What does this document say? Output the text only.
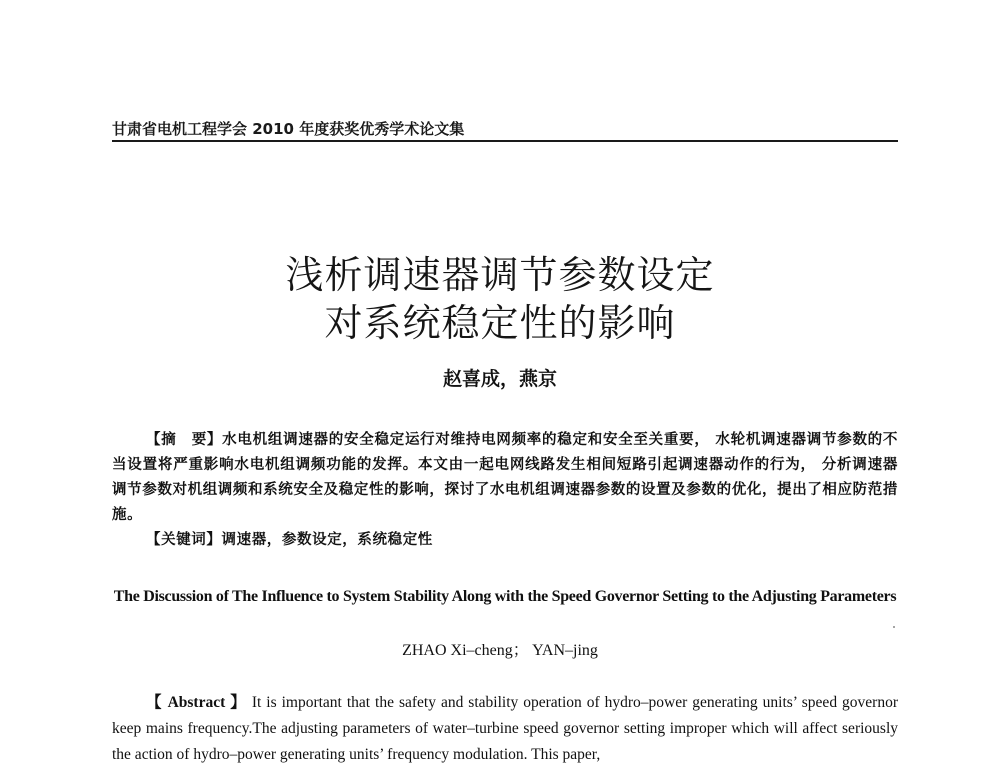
甘肃省电机工程学会 2010 年度获奖优秀学术论文集
浅析调速器调节参数设定
对系统稳定性的影响
赵喜成，燕京
【摘　要】水电机组调速器的安全稳定运行对维持电网频率的稳定和安全至关重要， 水轮机调速器调节参数的不当设置将严重影响水电机组调频功能的发挥。本文由一起电网线路发生相间短路引起调速器动作的行为， 分析调速器调节参数对机组调频和系统安全及稳定性的影响，探讨了水电机组调速器参数的设置及参数的优化，提出了相应防范措施。
【关键词】调速器，参数设定，系统稳定性
The Discussion of The Influence to System Stability Along with the Speed Governor Setting to the Adjusting Parameters
ZHAO Xi–cheng； YAN–jing
【 Abstract 】 It is important that the safety and stability operation of hydro–power generating units’ speed governor keep mains frequency.The adjusting parameters of water–turbine speed governor setting improper which will affect seriously the action of hydro–power generating units’ frequency modulation. This paper,
